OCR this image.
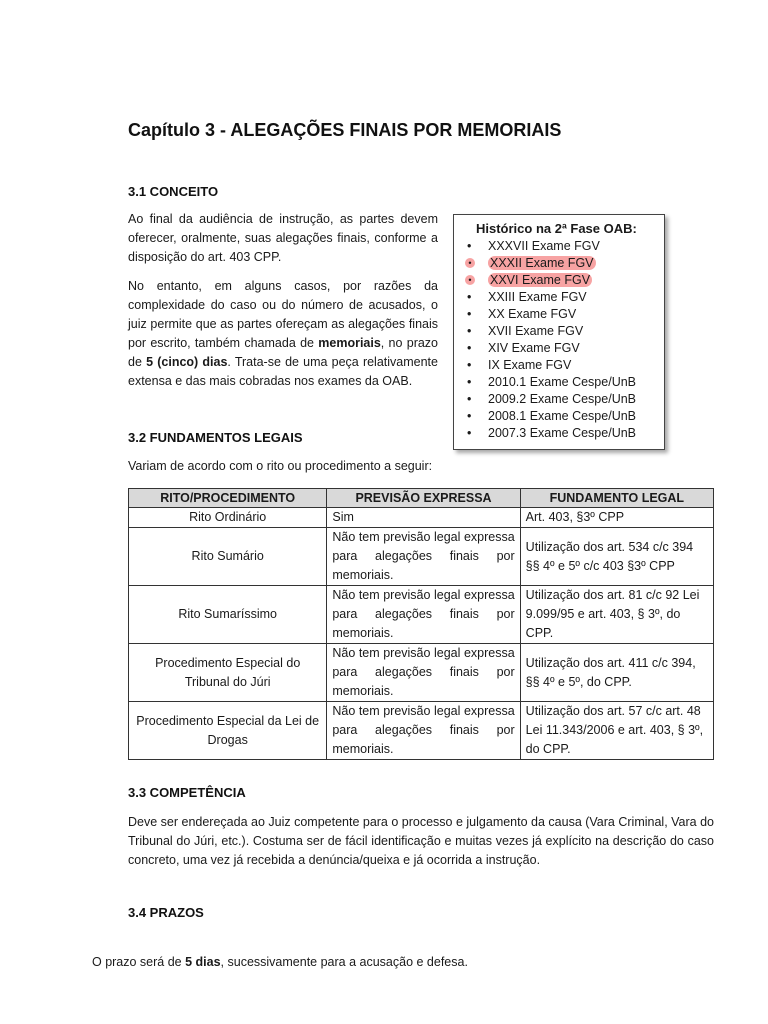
Capítulo 3 - ALEGAÇÕES FINAIS POR MEMORIAIS
3.1 CONCEITO
Ao final da audiência de instrução, as partes devem oferecer, oralmente, suas alegações finais, conforme a disposição do art. 403 CPP.
No entanto, em alguns casos, por razões da complexidade do caso ou do número de acusados, o juiz permite que as partes ofereçam as alegações finais por escrito, também chamada de memoriais, no prazo de 5 (cinco) dias. Trata-se de uma peça relativamente extensa e das mais cobradas nos exames da OAB.
Histórico na 2ª Fase OAB:
• XXXVII Exame FGV
• XXXII Exame FGV
• XXVI Exame FGV
• XXIII Exame FGV
• XX Exame FGV
• XVII Exame FGV
• XIV Exame FGV
• IX Exame FGV
• 2010.1 Exame Cespe/UnB
• 2009.2 Exame Cespe/UnB
• 2008.1 Exame Cespe/UnB
• 2007.3 Exame Cespe/UnB
3.2 FUNDAMENTOS LEGAIS
Variam de acordo com o rito ou procedimento a seguir:
RITO/PROCEDIMENTO	PREVISÃO EXPRESSA	FUNDAMENTO LEGAL
Rito Ordinário	Sim	Art. 403, §3º CPP
Rito Sumário	Não tem previsão legal expressa para alegações finais por memoriais.	Utilização dos art. 534 c/c 394 §§ 4º e 5º c/c 403 §3º CPP
Rito Sumaríssimo	Não tem previsão legal expressa para alegações finais por memoriais.	Utilização dos art. 81 c/c 92 Lei 9.099/95 e art. 403, § 3º, do CPP.
Procedimento Especial do Tribunal do Júri	Não tem previsão legal expressa para alegações finais por memoriais.	Utilização dos art. 411 c/c 394, §§ 4º e 5º, do CPP.
Procedimento Especial da Lei de Drogas	Não tem previsão legal expressa para alegações finais por memoriais.	Utilização dos art. 57 c/c art. 48 Lei 11.343/2006 e art. 403, § 3º, do CPP.
3.3 COMPETÊNCIA
Deve ser endereçada ao Juiz competente para o processo e julgamento da causa (Vara Criminal, Vara do Tribunal do Júri, etc.). Costuma ser de fácil identificação e muitas vezes já explícito na descrição do caso concreto, uma vez já recebida a denúncia/queixa e já ocorrida a instrução.
3.4 PRAZOS
O prazo será de 5 dias, sucessivamente para a acusação e defesa.
